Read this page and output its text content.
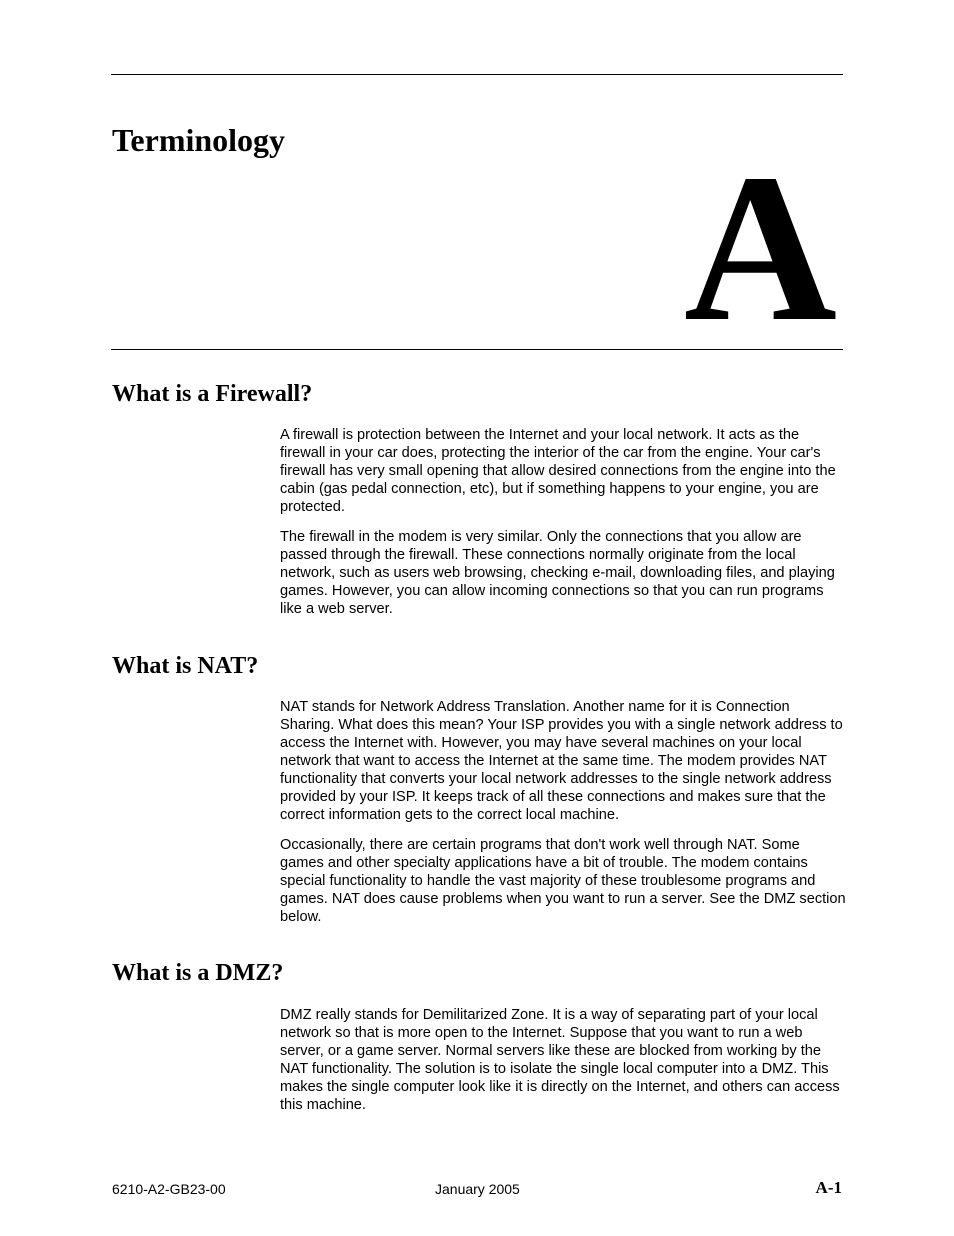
Terminology A
What is a Firewall?

A firewall is protection between the Internet and your local network. It acts as the firewall in your car does, protecting the interior of the car from the engine. Your car's firewall has very small opening that allow desired connections from the engine into the cabin (gas pedal connection, etc), but if something happens to your engine, you are protected.

The firewall in the modem is very similar. Only the connections that you allow are passed through the firewall. These connections normally originate from the local network, such as users web browsing, checking e-mail, downloading files, and playing games. However, you can allow incoming connections so that you can run programs like a web server.

What is NAT?

NAT stands for Network Address Translation. Another name for it is Connection Sharing. What does this mean? Your ISP provides you with a single network address to access the Internet with. However, you may have several machines on your local network that want to access the Internet at the same time. The modem provides NAT functionality that converts your local network addresses to the single network address provided by your ISP. It keeps track of all these connections and makes sure that the correct information gets to the correct local machine.

Occasionally, there are certain programs that don't work well through NAT. Some games and other specialty applications have a bit of trouble. The modem contains special functionality to handle the vast majority of these troublesome programs and games. NAT does cause problems when you want to run a server. See the DMZ section below.

What is a DMZ?

DMZ really stands for Demilitarized Zone. It is a way of separating part of your local network so that is more open to the Internet. Suppose that you want to run a web server, or a game server. Normal servers like these are blocked from working by the NAT functionality. The solution is to isolate the single local computer into a DMZ. This makes the single computer look like it is directly on the Internet, and others can access this machine.

6210-A2-GB23-00	January 2005	A-1
